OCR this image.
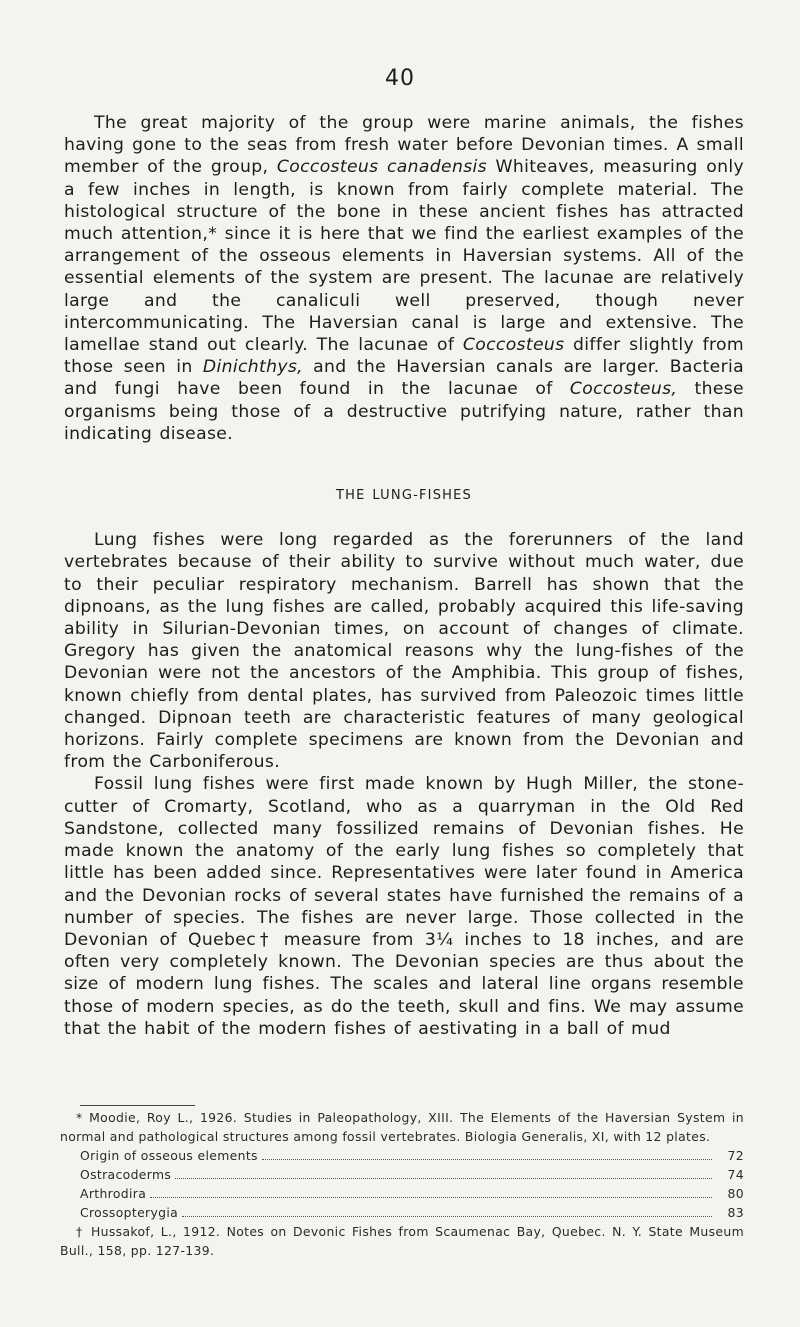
40

The great majority of the group were marine animals, the fishes having gone to the seas from fresh water before Devonian times. A small member of the group, Coccosteus canadensis Whiteaves, measuring only a few inches in length, is known from fairly complete material. The histological structure of the bone in these ancient fishes has attracted much attention,* since it is here that we find the earliest examples of the arrangement of the osseous elements in Haversian systems. All of the essential elements of the system are present. The lacunae are relatively large and the canaliculi well preserved, though never intercommunicating. The Haversian canal is large and extensive. The lamellae stand out clearly. The lacunae of Coccosteus differ slightly from those seen in Dinichthys, and the Haversian canals are larger. Bacteria and fungi have been found in the lacunae of Coccosteus, these organisms being those of a destructive putrifying nature, rather than indicating disease.

THE LUNG-FISHES

Lung fishes were long regarded as the forerunners of the land vertebrates because of their ability to survive without much water, due to their peculiar respiratory mechanism. Barrell has shown that the dipnoans, as the lung fishes are called, probably acquired this life-saving ability in Silurian-Devonian times, on account of changes of climate. Gregory has given the anatomical reasons why the lung-fishes of the Devonian were not the ancestors of the Amphibia. This group of fishes, known chiefly from dental plates, has survived from Paleozoic times little changed. Dipnoan teeth are characteristic features of many geological horizons. Fairly complete specimens are known from the Devonian and from the Carboniferous.

Fossil lung fishes were first made known by Hugh Miller, the stone-cutter of Cromarty, Scotland, who as a quarryman in the Old Red Sandstone, collected many fossilized remains of Devonian fishes. He made known the anatomy of the early lung fishes so completely that little has been added since. Representatives were later found in America and the Devonian rocks of several states have furnished the remains of a number of species. The fishes are never large. Those collected in the Devonian of Quebec† measure from 3¼ inches to 18 inches, and are often very completely known. The Devonian species are thus about the size of modern lung fishes. The scales and lateral line organs resemble those of modern species, as do the teeth, skull and fins. We may assume that the habit of the modern fishes of aestivating in a ball of mud

* Moodie, Roy L., 1926. Studies in Paleopathology, XIII. The Elements of the Haversian System in normal and pathological structures among fossil vertebrates. Biologia Generalis, XI, with 12 plates.

Origin of osseous elements	72
Ostracoderms	74
Arthrodira	80
Crossopterygia	83

† Hussakof, L., 1912. Notes on Devonic Fishes from Scaumenac Bay, Quebec. N. Y. State Museum Bull., 158, pp. 127-139.
